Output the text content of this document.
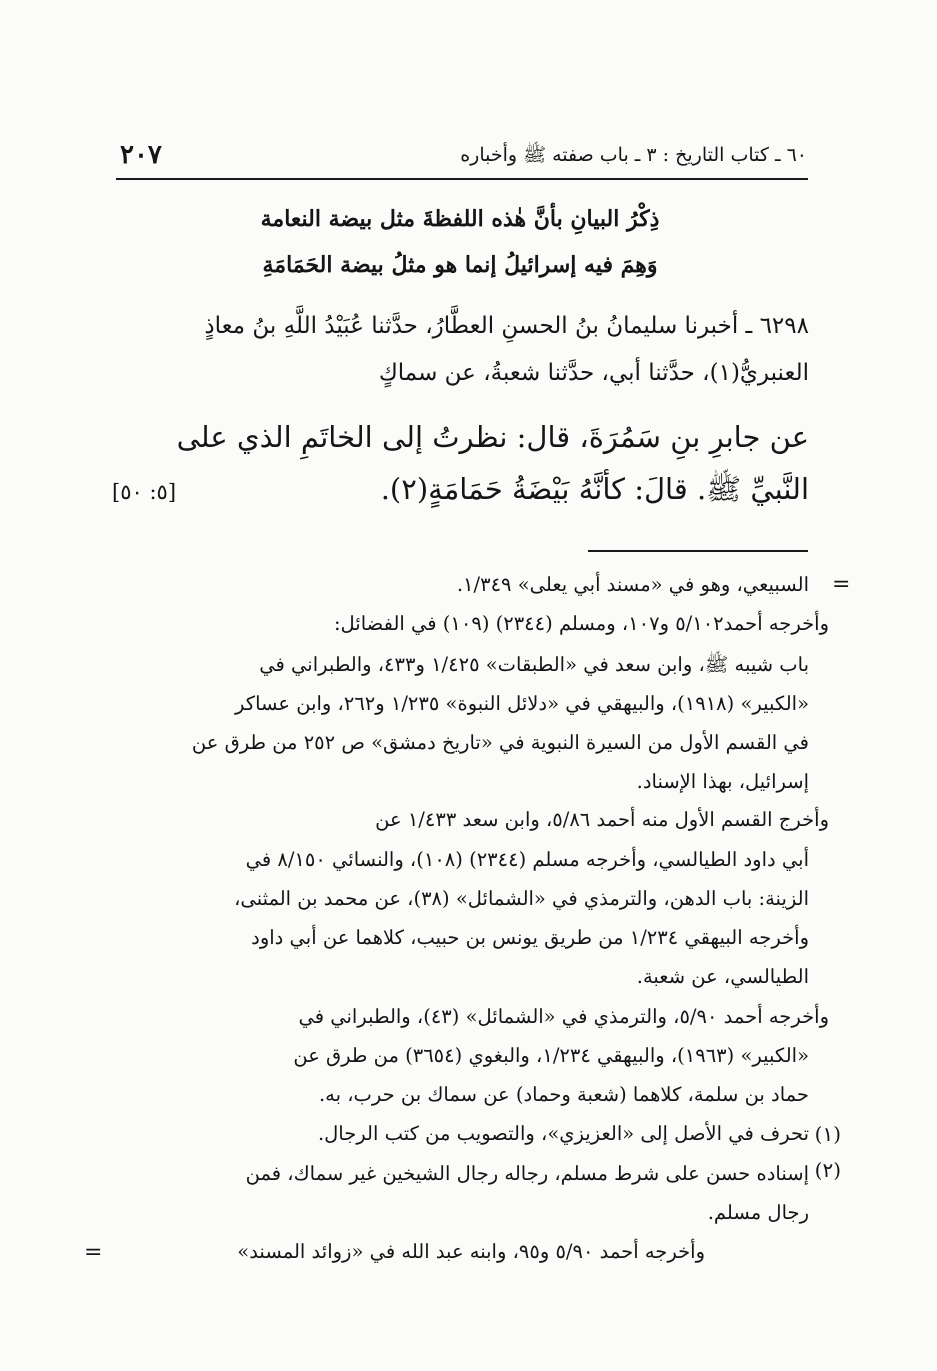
٢٠٧	٦٠ ـ كتاب التاريخ : ٣ ـ باب صفته ﷺ وأخباره
ذِكْرُ البيانِ بأنَّ هٰذه اللفظةَ مثل بيضة النعامة
وَهِمَ فيه إسرائيلُ إنما هو مثلُ بيضة الحَمَامَةِ
٦٢٩٨ ـ أخبرنا سليمانُ بنُ الحسنِ العطَّارُ، حدَّثنا عُبَيْدُ اللَّهِ بنُ معاذٍ
العنبريُّ(١)، حدَّثنا أبي، حدَّثنا شعبةُ، عن سماكٍ
عن جابرِ بنِ سَمُرَةَ، قال: نظرتُ إلى الخاتَمِ الذي على
النَّبيِّ ﷺ. قالَ: كأنَّهُ بَيْضَةُ حَمَامَةٍ(٢).
[٥: ٥٠]
=
السبيعي، وهو في «مسند أبي يعلى» ١/٣٤٩.
وأخرجه أحمد٥/١٠٢ و١٠٧، ومسلم (٢٣٤٤) (١٠٩) في الفضائل:
باب شيبه ﷺ، وابن سعد في «الطبقات» ١/٤٢٥ و٤٣٣، والطبراني في
«الكبير» (١٩١٨)، والبيهقي في «دلائل النبوة» ١/٢٣٥ و٢٦٢، وابن عساكر
في القسم الأول من السيرة النبوية في «تاريخ دمشق» ص ٢٥٢ من طرق عن
إسرائيل، بهذا الإسناد.
وأخرج القسم الأول منه أحمد ٥/٨٦، وابن سعد ١/٤٣٣ عن
أبي داود الطيالسي، وأخرجه مسلم (٢٣٤٤) (١٠٨)، والنسائي ٨/١٥٠ في
الزينة: باب الدهن، والترمذي في «الشمائل» (٣٨)، عن محمد بن المثنى،
وأخرجه البيهقي ١/٢٣٤ من طريق يونس بن حبيب، كلاهما عن أبي داود
الطيالسي، عن شعبة.
وأخرجه أحمد ٥/٩٠، والترمذي في «الشمائل» (٤٣)، والطبراني في
«الكبير» (١٩٦٣)، والبيهقي ١/٢٣٤، والبغوي (٣٦٥٤) من طرق عن
حماد بن سلمة، كلاهما (شعبة وحماد) عن سماك بن حرب، به.
(١)
تحرف في الأصل إلى «العزيزي»، والتصويب من كتب الرجال.
(٢)
إسناده حسن على شرط مسلم، رجاله رجال الشيخين غير سماك، فمن
رجال مسلم.
وأخرجه أحمد ٥/٩٠ و٩٥، وابنه عبد الله في «زوائد المسند»
=
